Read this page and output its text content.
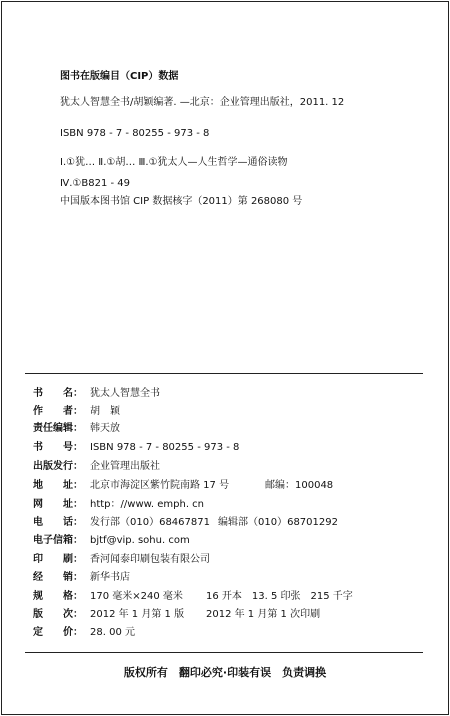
图书在版编目（CIP）数据
犹太人智慧全书/胡颖编著. —北京：企业管理出版社，2011. 12
ISBN 978 - 7 - 80255 - 973 - 8
Ⅰ.①犹… Ⅱ.①胡… Ⅲ.①犹太人—人生哲学—通俗读物
Ⅳ.①B821 - 49
中国版本图书馆 CIP 数据核字（2011）第 268080 号
书　　名： 犹太人智慧全书
作　　者： 胡　颖
责任编辑： 韩天放
书　　号： ISBN 978 - 7 - 80255 - 973 - 8
出版发行： 企业管理出版社
地　　址： 北京市海淀区紫竹院南路 17 号	邮编：100048
网　　址： http：//www. emph. cn
电　　话： 发行部（010）68467871 编辑部（010）68701292
电子信箱： bjtf@vip. sohu. com
印　　刷： 香河闻泰印刷包装有限公司
经　　销： 新华书店
规　　格： 170 毫米×240 毫米 16 开本　13. 5 印张　215 千字
版　　次： 2012 年 1 月第 1 版 2012 年 1 月第 1 次印刷
定　　价： 28. 00 元
版权所有　翻印必究·印装有误　负责调换
